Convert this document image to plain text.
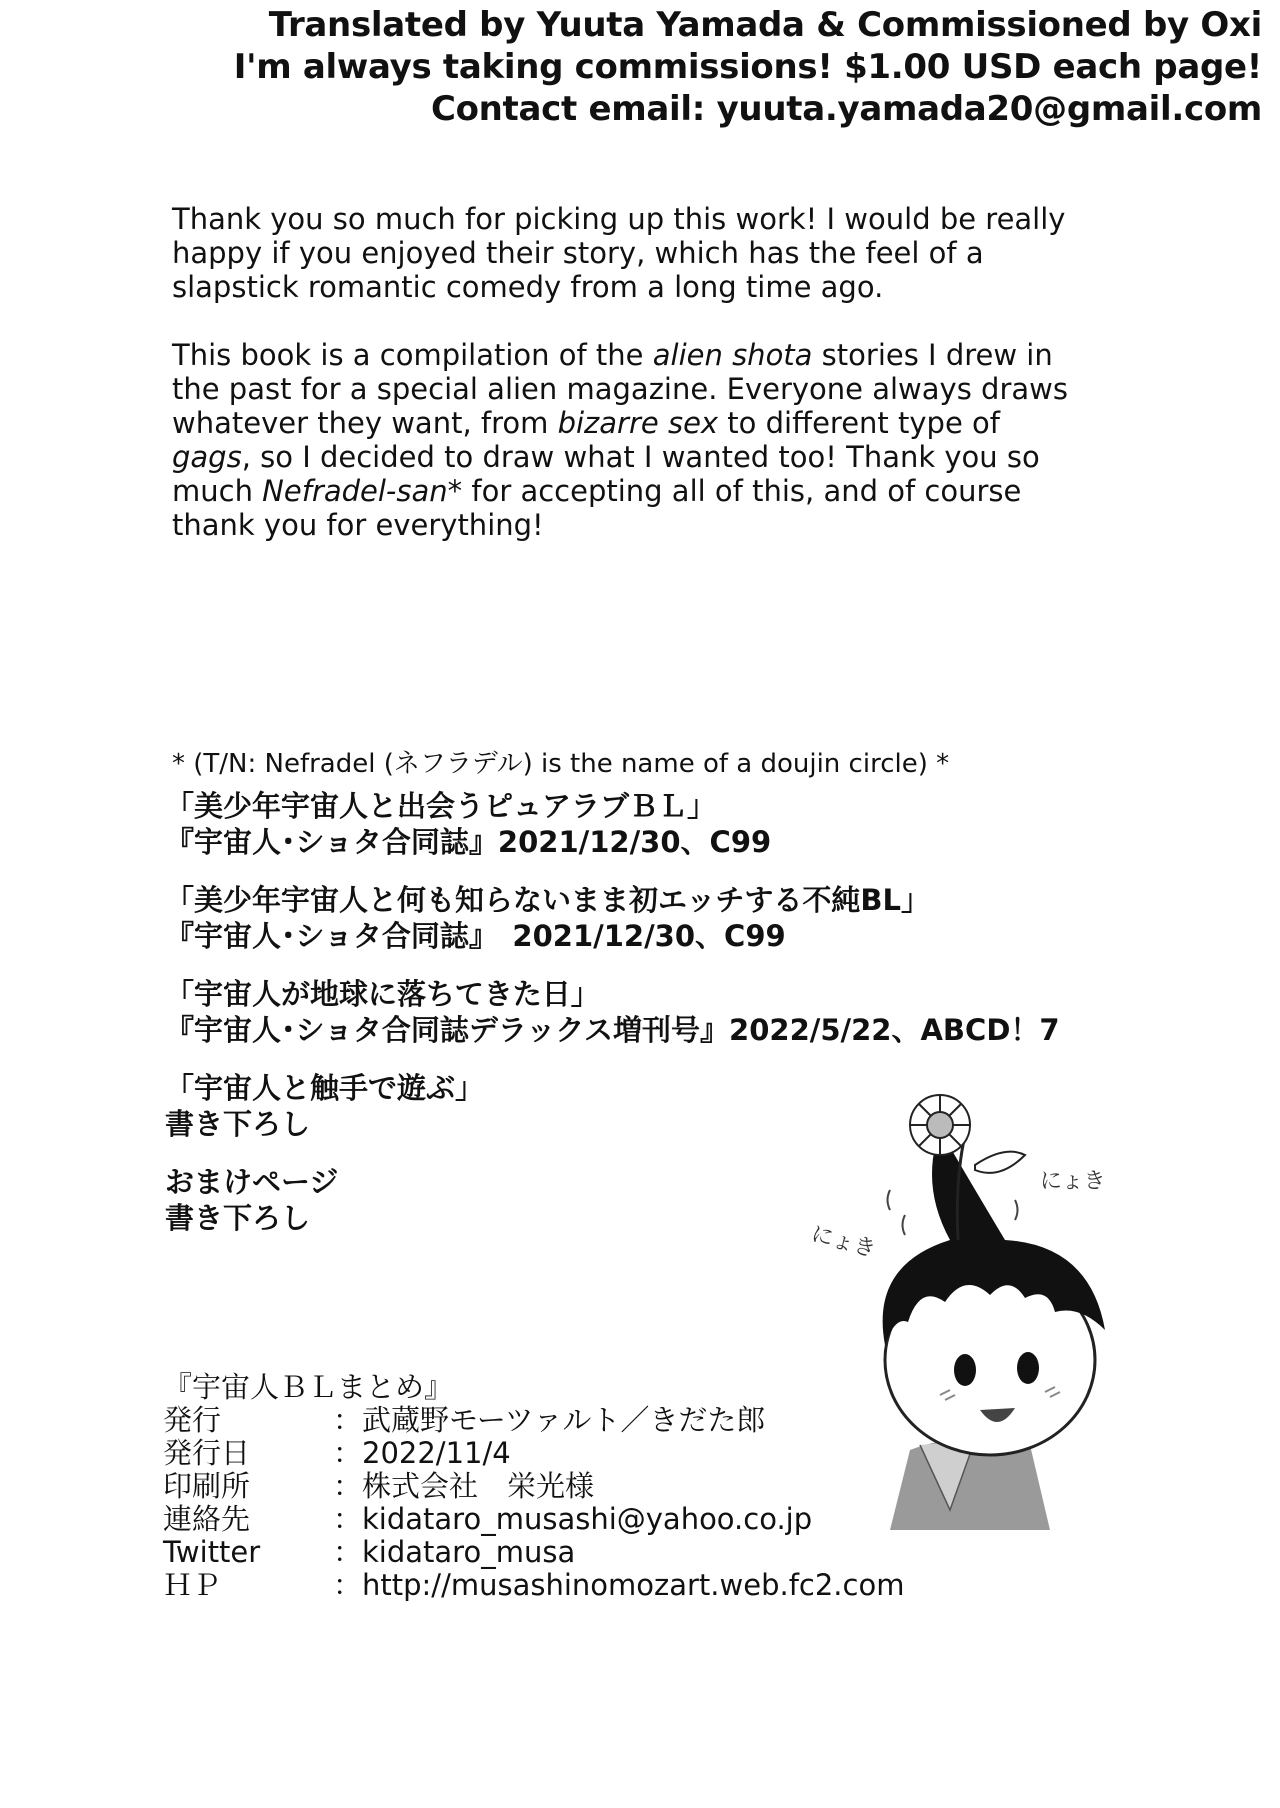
Translated by Yuuta Yamada & Commissioned by Oxi
I'm always taking commissions! $1.00 USD each page!
Contact email: yuuta.yamada20@gmail.com

Thank you so much for picking up this work! I would be really happy if you enjoyed their story, which has the feel of a slapstick romantic comedy from a long time ago.

This book is a compilation of the alien shota stories I drew in the past for a special alien magazine. Everyone always draws whatever they want, from bizarre sex to different type of gags, so I decided to draw what I wanted too! Thank you so much Nefradel-san* for accepting all of this, and of course thank you for everything!

* (T/N: Nefradel (ネフラデル) is the name of a doujin circle) *
「美少年宇宙人と出会うピュアラブＢＬ」
『宇宙人･ショタ合同誌』2021/12/30、C99
「美少年宇宙人と何も知らないまま初エッチする不純BL」
『宇宙人･ショタ合同誌』　2021/12/30、C99
「宇宙人が地球に落ちてきた日」
『宇宙人･ショタ合同誌デラックス増刊号』2022/5/22、ABCD！7
「宇宙人と触手で遊ぶ」
書き下ろし
おまけページ
書き下ろし
『宇宙人ＢＬまとめ』
発行	：武蔵野モーツァルト／きだた郎
発行日	：2022/11/4
印刷所	：株式会社　栄光様
連絡先	：kidataro_musashi@yahoo.co.jp
Twitter	：kidataro_musa
ＨＰ	：http://musashinomozart.web.fc2.com
にょき
にょき
